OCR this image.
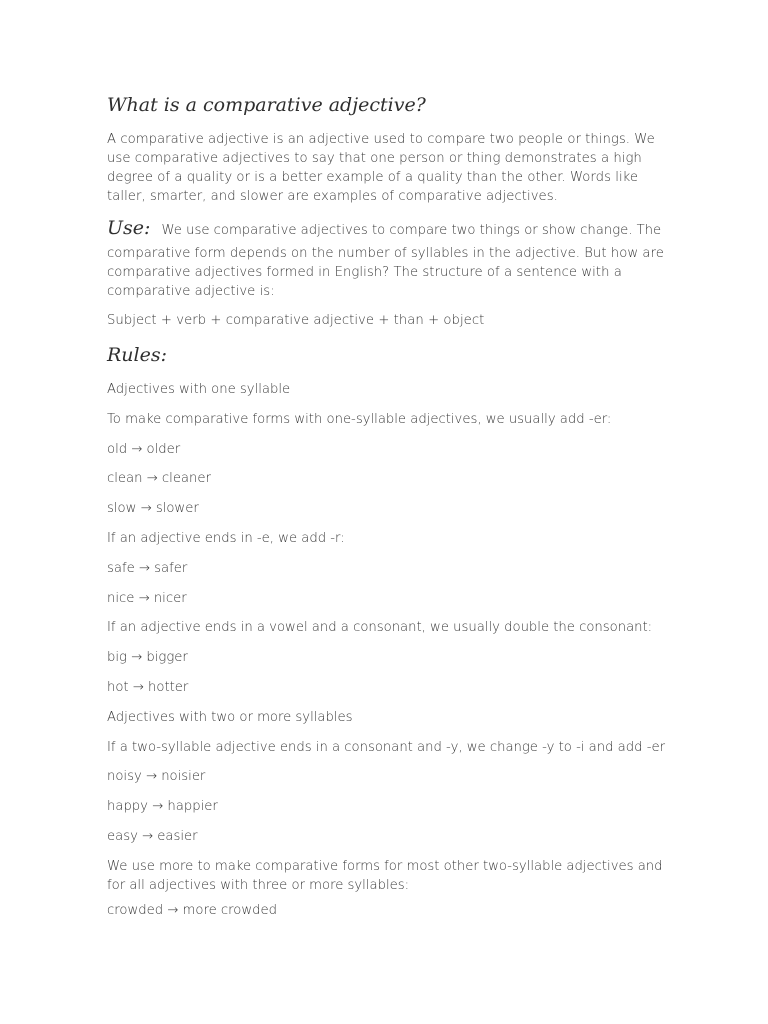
What is a comparative adjective?

A comparative adjective is an adjective used to compare two people or things. We use comparative adjectives to say that one person or thing demonstrates a high degree of a quality or is a better example of a quality than the other. Words like taller, smarter, and slower are examples of comparative adjectives.

Use: We use comparative adjectives to compare two things or show change. The

comparative form depends on the number of syllables in the adjective. But how are comparative adjectives formed in English? The structure of a sentence with a comparative adjective is:

Subject + verb + comparative adjective + than + object

Rules:

Adjectives with one syllable

To make comparative forms with one-syllable adjectives, we usually add -er:

old → older

clean → cleaner

slow → slower

If an adjective ends in -e, we add -r:

safe → safer

nice → nicer

If an adjective ends in a vowel and a consonant, we usually double the consonant:

big → bigger

hot → hotter

Adjectives with two or more syllables

If a two-syllable adjective ends in a consonant and -y, we change -y to -i and add -er

noisy → noisier

happy → happier

easy → easier

We use more to make comparative forms for most other two-syllable adjectives and for all adjectives with three or more syllables:

crowded → more crowded
